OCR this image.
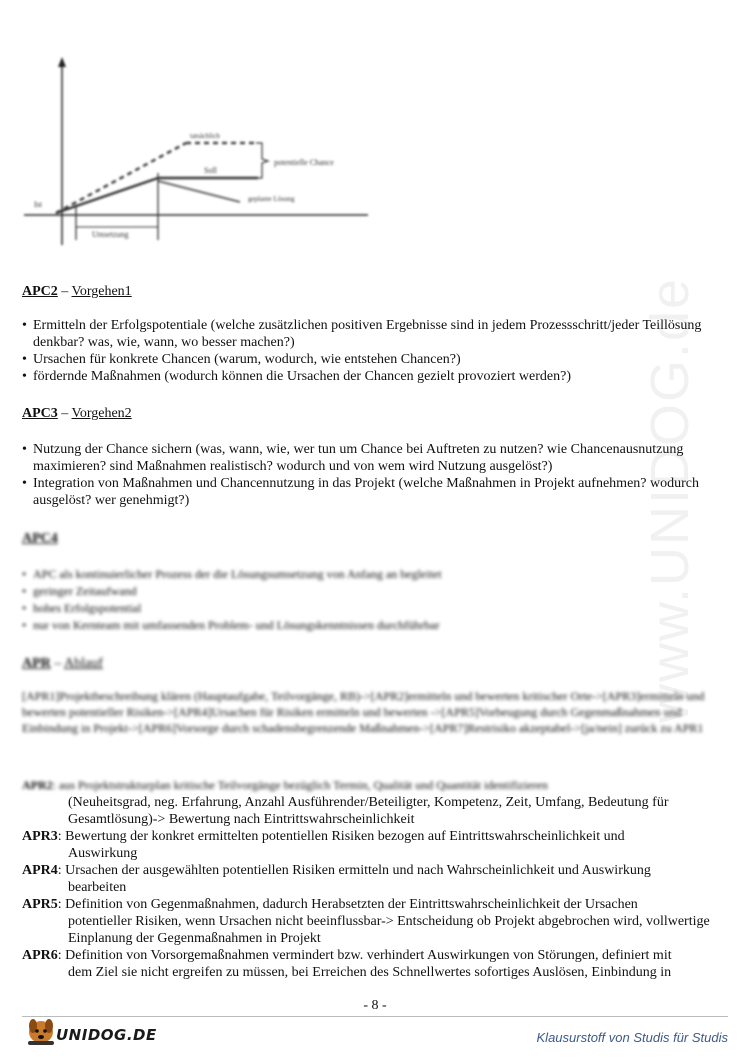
tatsächlich
potentielle Chance
Soll
geplante Lösung
Ist
Umsetzung
APC2 – Vorgehen1
• Ermitteln der Erfolgspotentiale (welche zusätzlichen positiven Ergebnisse sind in jedem Prozessschritt/jeder Teillösung denkbar? was, wie, wann, wo besser machen?)
• Ursachen für konkrete Chancen (warum, wodurch, wie entstehen Chancen?)
• fördernde Maßnahmen (wodurch können die Ursachen der Chancen gezielt provoziert werden?)
APC3 – Vorgehen2
• Nutzung der Chance sichern (was, wann, wie, wer tun um Chance bei Auftreten zu nutzen? wie Chancenausnutzung maximieren? sind Maßnahmen realistisch? wodurch und von wem wird Nutzung ausgelöst?)
• Integration von Maßnahmen und Chancennutzung in das Projekt (welche Maßnahmen in Projekt aufnehmen? wodurch ausgelöst? wer genehmigt?)
APC4
• APC als kontinuierlicher Prozess der die Lösungsumsetzung von Anfang an begleitet
• geringer Zeitaufwand
• hohes Erfolgspotential
• nur von Kernteam mit umfassenden Problem- und Lösungskenntnissen durchführbar
APR – Ablauf

[APR1]Projektbeschreibung klären (Hauptaufgabe, Teilvorgänge, RB)->[APR2]ermitteln und bewerten kritischer Orte->[APR3]ermitteln und bewerten potentieller Risiken->[APR4]Ursachen für Risiken ermitteln und bewerten ->[APR5]Vorbeugung durch Gegenmaßnahmen und Einbindung in Projekt->[APR6]Vorsorge durch schadensbegrenzende Maßnahmen->[APR7]Restrisiko akzeptabel->[ja/nein] zurück zu APR1

APR2: aus Projektstrukturplan kritische Teilvorgänge bezüglich Termin, Qualität und Quantität identifizieren
(Neuheitsgrad, neg. Erfahrung, Anzahl Ausführender/Beteiligter, Kompetenz, Zeit, Umfang, Bedeutung für Gesamtlösung)-> Bewertung nach Eintrittswahrscheinlichkeit
APR3: Bewertung der konkret ermittelten potentiellen Risiken bezogen auf Eintrittswahrscheinlichkeit und
Auswirkung
APR4: Ursachen der ausgewählten potentiellen Risiken ermitteln und nach Wahrscheinlichkeit und Auswirkung
bearbeiten
APR5: Definition von Gegenmaßnahmen, dadurch Herabsetzten der Eintrittswahrscheinlichkeit der Ursachen
potentieller Risiken, wenn Ursachen nicht beeinflussbar-> Entscheidung ob Projekt abgebrochen wird, vollwertige Einplanung der Gegenmaßnahmen in Projekt
APR6: Definition von Vorsorgemaßnahmen vermindert bzw. verhindert Auswirkungen von Störungen, definiert mit
dem Ziel sie nicht ergreifen zu müssen, bei Erreichen des Schnellwertes sofortiges Auslösen, Einbindung in
www.UNIDOG.de
- 8 -
UNIDOG.DE	Klausurstoff von Studis für Studis
